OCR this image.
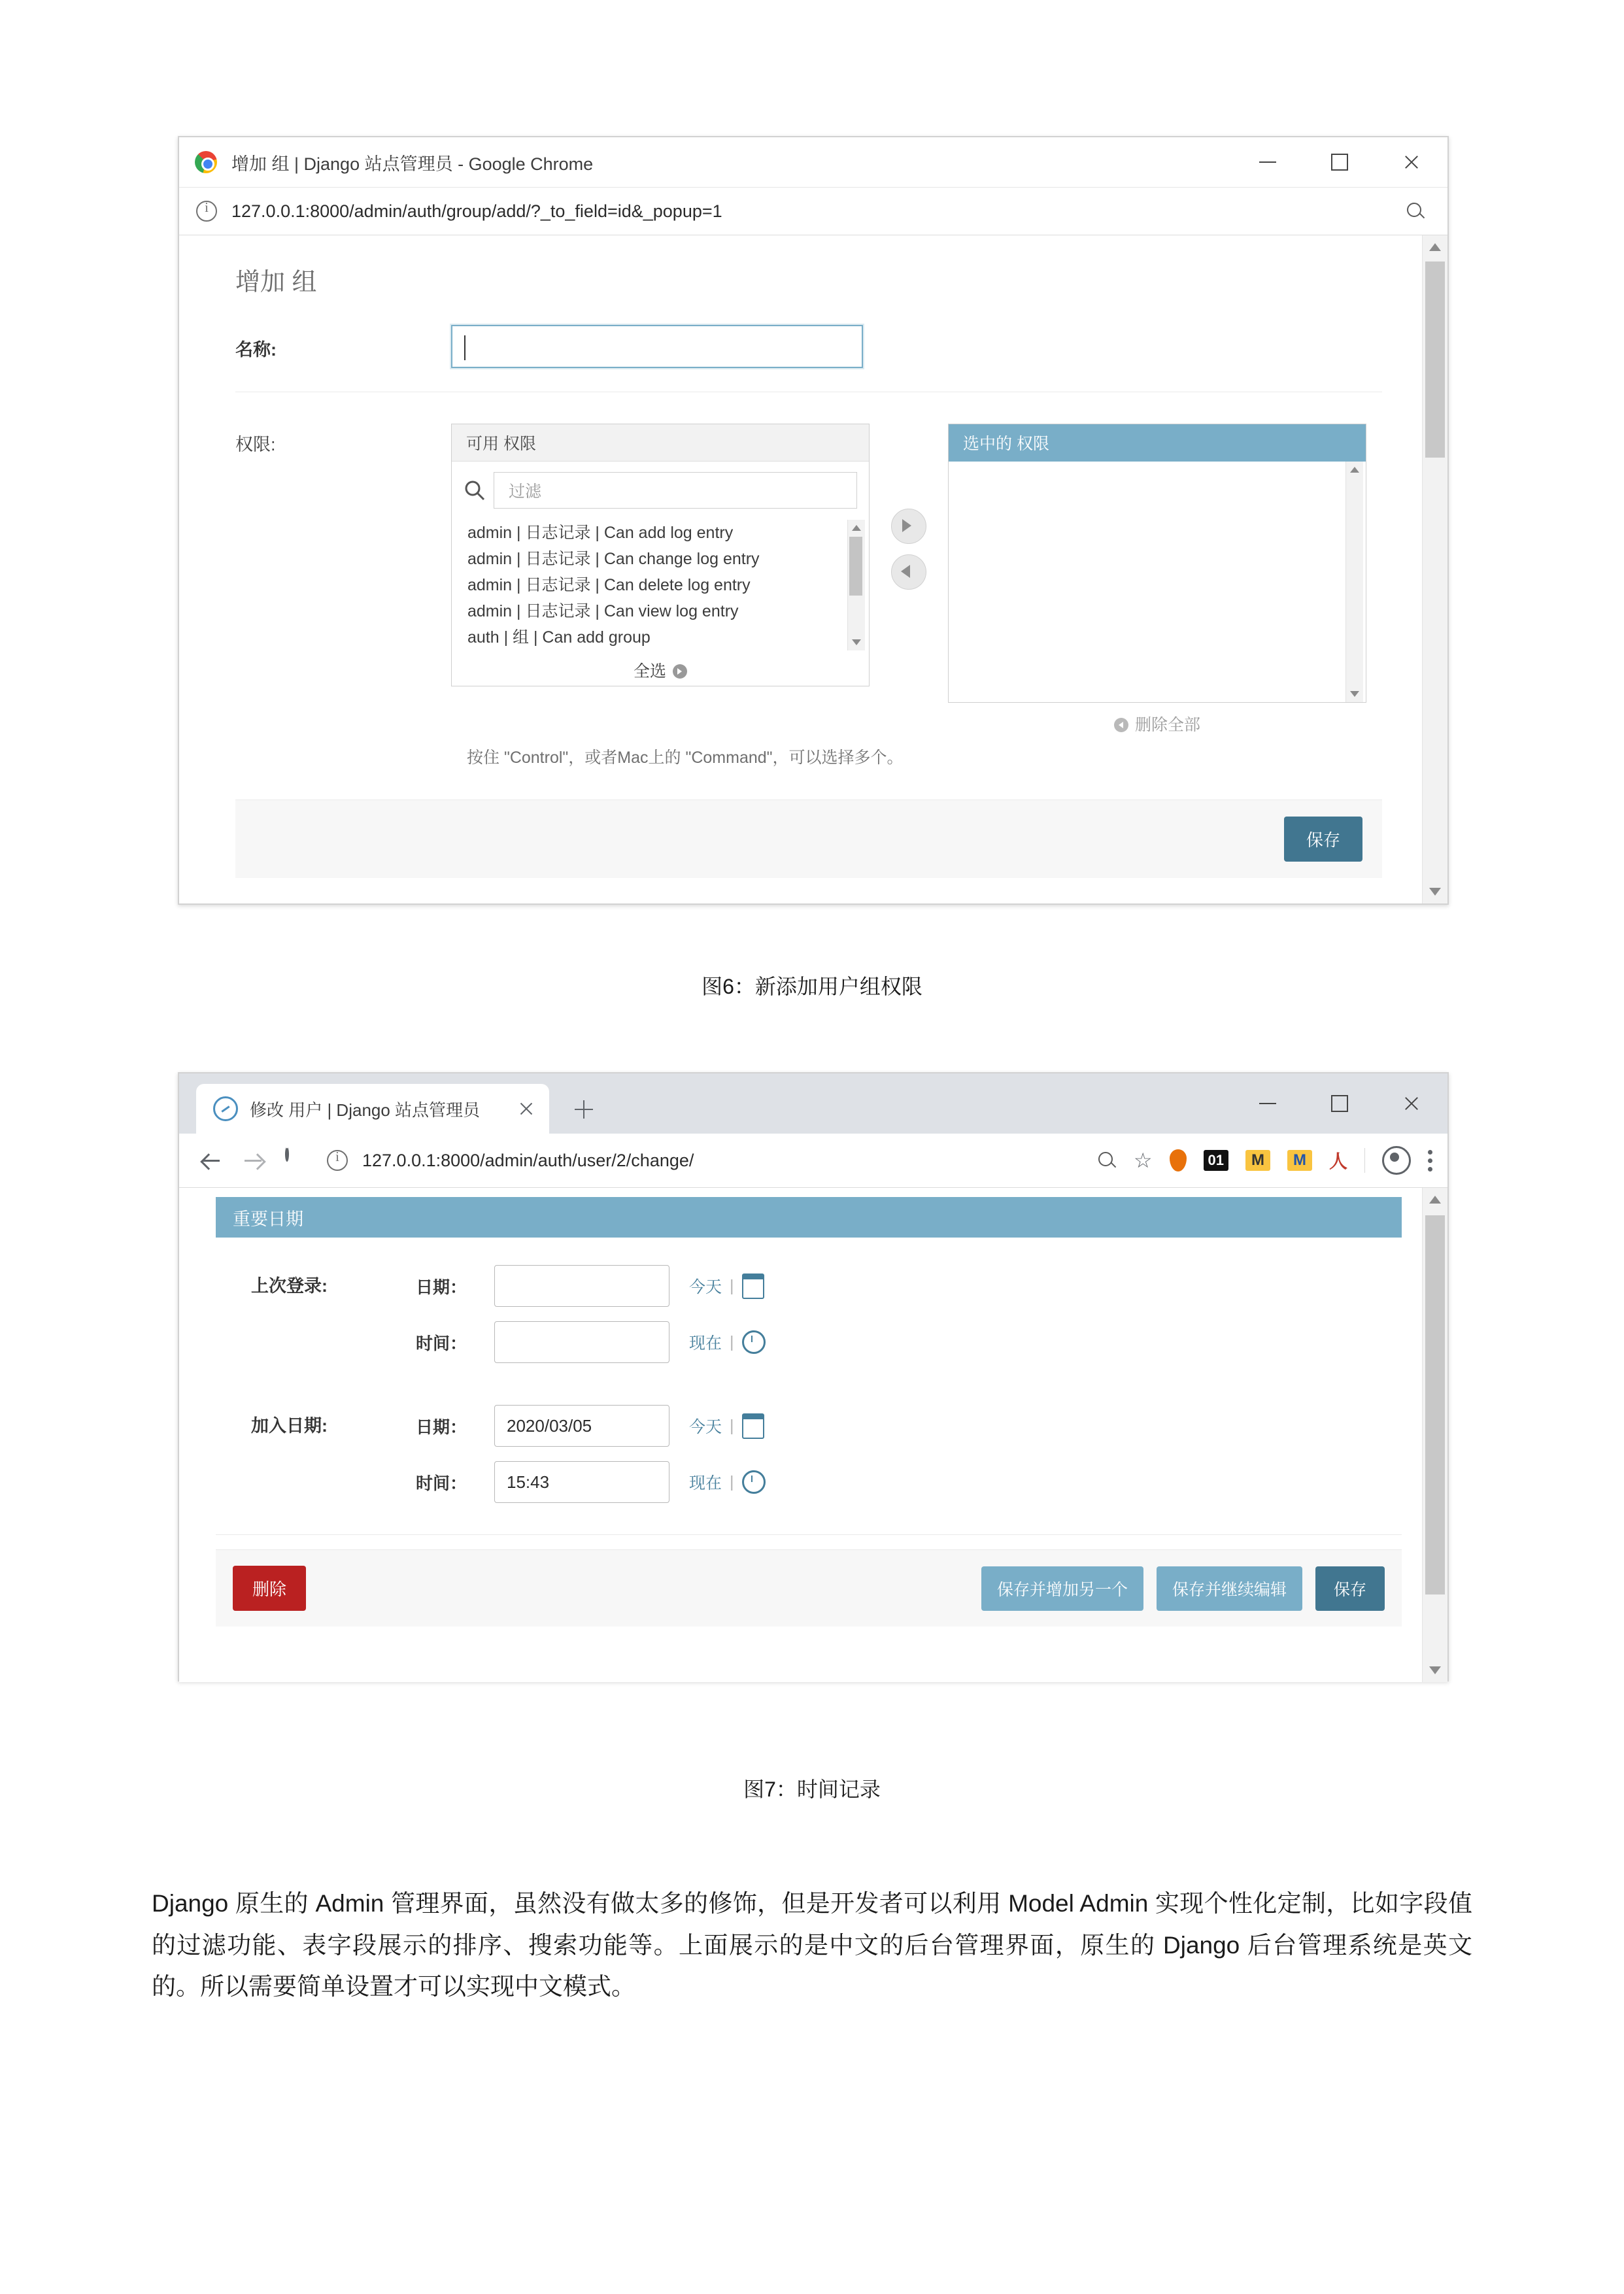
增加 组 | Django 站点管理员 - Google Chrome
i
127.0.0.1:8000/admin/auth/group/add/?_to_field=id&_popup=1
增加 组
名称:
权限:	可用 权限
过滤
admin | 日志记录 | Can add log entry
admin | 日志记录 | Can change log entry
admin | 日志记录 | Can delete log entry
admin | 日志记录 | Can view log entry
auth | 组 | Can add group
全选
选中的 权限
删除全部
按住 "Control"，或者Mac上的 "Command"，可以选择多个。
保存
图6：新添加用户组权限
修改 用户 | Django 站点管理员
i
127.0.0.1:8000/admin/auth/user/2/change/	☆	01	M	M	人
重要日期
上次登录:	日期：	今天 |
时间：	现在 |
加入日期:	日期：	2020/03/05	今天 |
时间：	15:43	现在 |
删除	保存并增加另一个	保存并继续编辑	保存
图7：时间记录
Django 原生的 Admin 管理界面，虽然没有做太多的修饰，但是开发者可以利用 Model Admin 实现个性化定制，比如字段值的过滤功能、表字段展示的排序、搜索功能等。上面展示的是中文的后台管理界面，原生的 Django 后台管理系统是英文的。所以需要简单设置才可以实现中文模式。
